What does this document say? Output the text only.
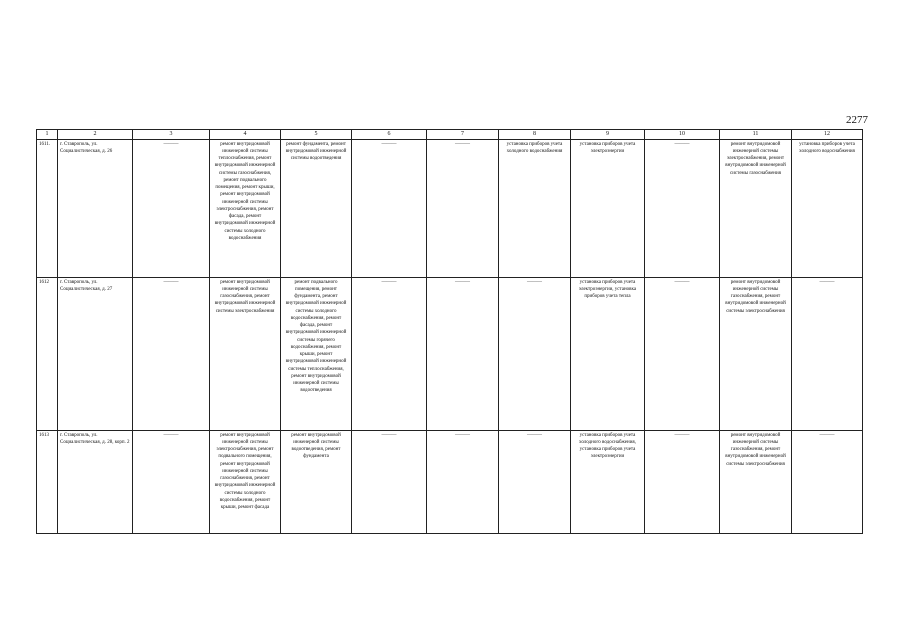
2277
1	2	3	4	5	6	7	8	9	10	11	12
1611.	г. Ставрополь, ул. Социалистическая, д. 26	———	ремонт внутридомовой инженерной системы теплоснабжения, ремонт внутридомовой инженерной системы газоснабжения, ремонт подвального помещения, ремонт крыши, ремонт внутридомовой инженерной системы электроснабжения, ремонт фасада, ремонт внутридомовой инженерной системы холодного водоснабжения	ремонт фундамента, ремонт внутридомовой инженерной системы водоотведения	———	———	установка приборов учета холодного водоснабжения	установка приборов учета электроэнергии	———	ремонт внутридомовой инженерной системы электроснабжения, ремонт внутридомовой инженерной системы газоснабжения	установка приборов учета холодного водоснабжения
1612	г. Ставрополь, ул. Социалистическая, д. 27	———	ремонт внутридомовой инженерной системы газоснабжения, ремонт внутридомовой инженерной системы электроснабжения	ремонт подвального помещения, ремонт фундамента, ремонт внутридомовой инженерной системы холодного водоснабжения, ремонт фасада, ремонт внутридомовой инженерной системы горячего водоснабжения, ремонт крыши, ремонт внутридомовой инженерной системы теплоснабжения, ремонт внутридомовой инженерной системы водоотведения	———	———	———	установка приборов учета электроэнергии, установка приборов учета тепла	———	ремонт внутридомовой инженерной системы газоснабжения, ремонт внутридомовой инженерной системы электроснабжения	———
1613	г. Ставрополь, ул. Социалистическая, д. 28, корп. 2	———	ремонт внутридомовой инженерной системы электроснабжения, ремонт подвального помещения, ремонт внутридомовой инженерной системы газоснабжения, ремонт внутридомовой инженерной системы холодного водоснабжения, ремонт крыши, ремонт фасада	ремонт внутридомовой инженерной системы водоотведения, ремонт фундамента	———	———	———	установка приборов учета холодного водоснабжения, установка приборов учета электроэнергии	———	ремонт внутридомовой инженерной системы газоснабжения, ремонт внутридомовой инженерной системы электроснабжения	———
